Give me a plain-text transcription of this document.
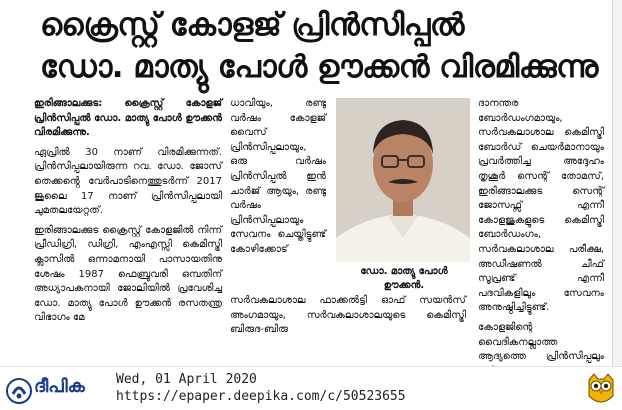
ക്രൈസ്റ്റ് കോളജ് പ്രിൻസിപ്പൽ
ഡോ. മാത്യു പോൾ ഊക്കൻ വിരമിക്കുന്നു

ഇരിങ്ങാലക്കുട: ക്രൈസ്റ്റ് കോളജ് പ്രിൻസിപ്പൽ ഡോ. മാത്യു പോൾ ഊക്കൻ വിരമിക്കുന്നു.

ഏപ്രിൽ 30 നാണ് വിരമിക്കുന്നത്. പ്രിൻസിപ്പലായിരുന്ന റവ. ഡോ. ജോസ് തെക്കൻ്റെ വേർപാടിനെത്തുടർന്ന് 2017 ജൂലൈ 17 നാണ് പ്രിൻസിപ്പലായി ചുമതലയേറ്റത്.

ഇരിങ്ങാലക്കുട ക്രൈസ്റ്റ് കോളജിൽ നിന്ന് പ്രീഡിഗ്രി, ഡിഗ്രി, എംഎസ്സി കെമിസ്ട്രി ക്ലാസിൽ ഒന്നാമനായി പാസായതിനു ശേഷം 1987 ഫെബ്രുവരി ഒമ്പതിന് അധ്യാപകനായി ജോലിയിൽ പ്രവേശിച്ച ഡോ. മാത്യു പോൾ ഊക്കൻ രസതന്ത്ര വിഭാഗം മേ

ധാവിയും, രണ്ടു വർഷം കോളജ് വൈസ് പ്രിൻസിപ്പലായും, ഒരു വർഷം പ്രിൻസിപ്പൽ ഇൻ ചാർജ് ആയും, രണ്ടു വർഷം പ്രിൻസിപ്പലായും സേവനം ചെയ്തിട്ടുണ്ട് കോഴിക്കോട്

ഡോ. മാത്യു പോൾ ഊക്കൻ.

സർവകലാശാല ഫാക്കൽട്ടി ഓഫ് സയൻസ് അംഗമായും, സർവകലാശാലയുടെ കെമിസ്ട്രി ബിരുദ-ബിരു

ദാനന്തര ബോർഡംഗമായും, സർവകലാശാല കെമിസ്ട്രി ബോർഡ് ചെയർമാനായും പ്രവർത്തിച്ച അദ്ദേഹം തൃശൂർ സെന്റ് തോമസ്, ഇരിങ്ങാലക്കുട സെന്റ് ജോസഫ്സ് എന്നീ കോളജുകളുടെ കെമിസ്ട്രി ബോർഡംഗം, സർവകലാശാല പരീക്ഷ, അഡീഷണൽ ചീഫ് സൂപ്രണ്ട് എന്നീ പദവികളിലും സേവനം അനുഷ്ഠിച്ചിട്ടുണ്ട്.

കോളജിന്റെ വൈദികനല്ലാത്ത ആദ്യത്തെ പ്രിൻസിപ്പലും

ദീപിക Wed, 01 April 2020
https://epaper.deepika.com/c/50523655
